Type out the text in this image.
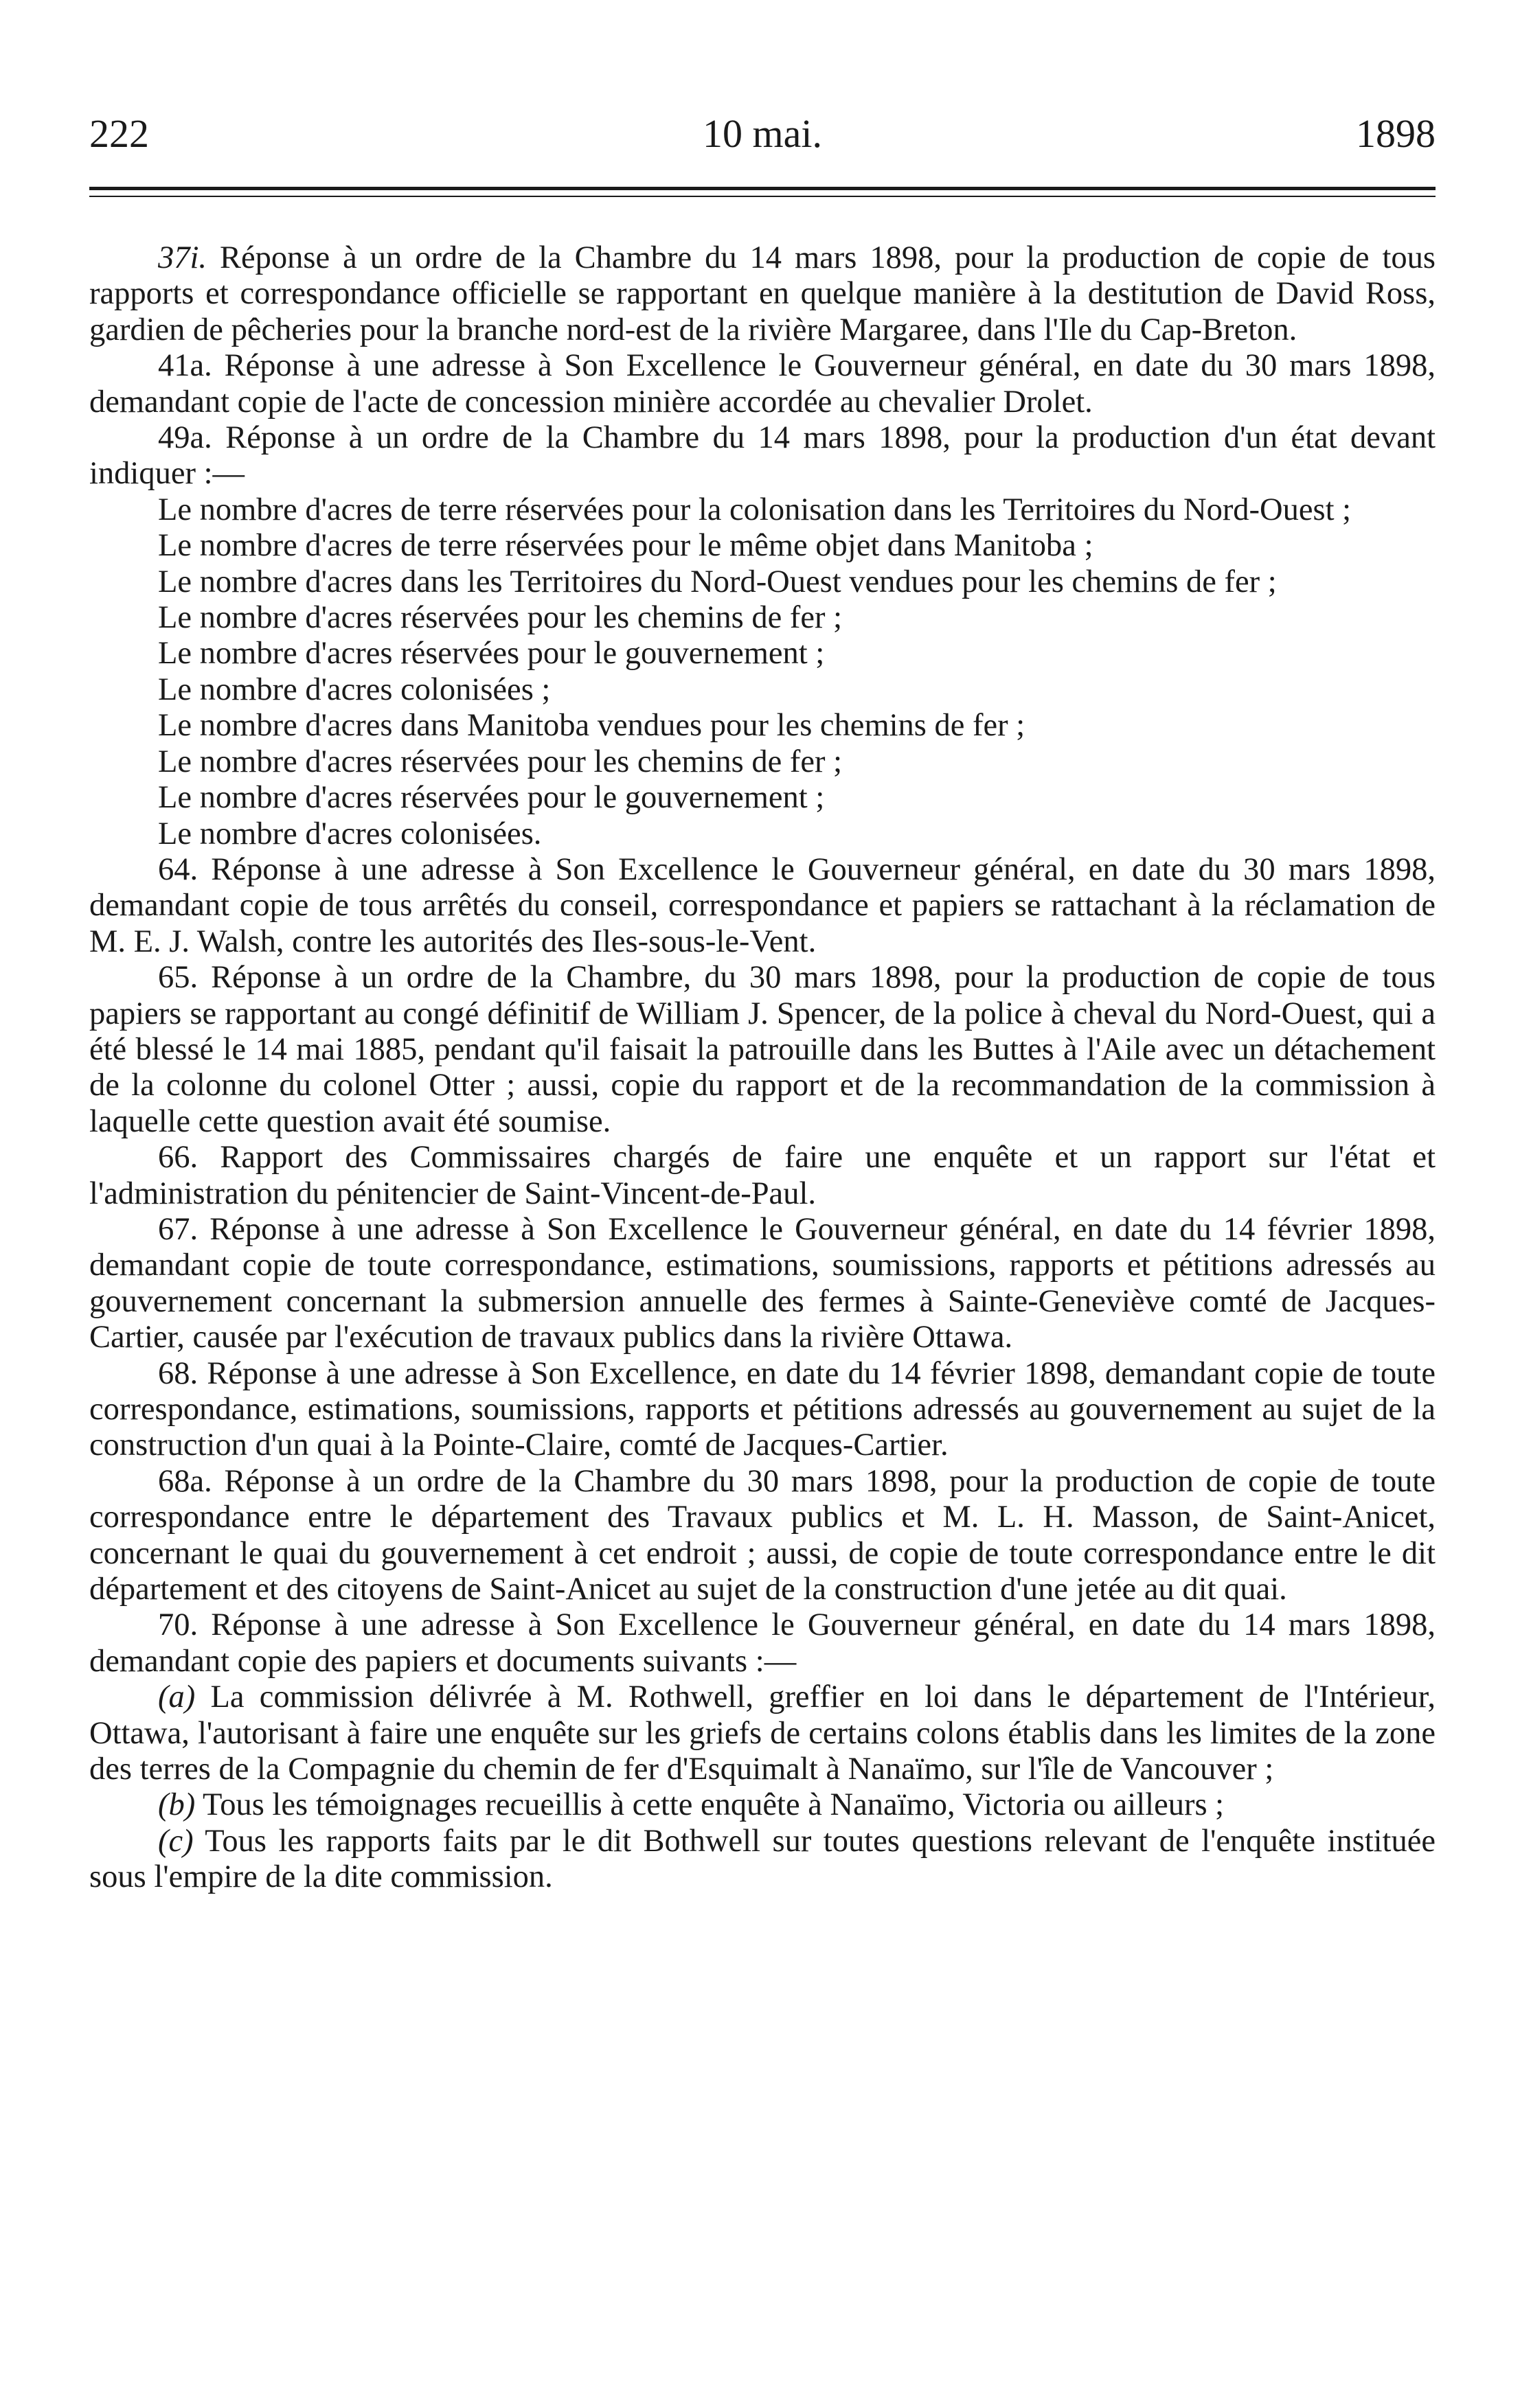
222	10 mai.	1898

37i. Réponse à un ordre de la Chambre du 14 mars 1898, pour la production de copie de tous rapports et correspondance officielle se rapportant en quelque manière à la destitution de David Ross, gardien de pêcheries pour la branche nord-est de la rivière Margaree, dans l'Ile du Cap-Breton.

41a. Réponse à une adresse à Son Excellence le Gouverneur général, en date du 30 mars 1898, demandant copie de l'acte de concession minière accordée au chevalier Drolet.

49a. Réponse à un ordre de la Chambre du 14 mars 1898, pour la production d'un état devant indiquer :—

Le nombre d'acres de terre réservées pour la colonisation dans les Territoires du Nord-Ouest ;

Le nombre d'acres de terre réservées pour le même objet dans Manitoba ;

Le nombre d'acres dans les Territoires du Nord-Ouest vendues pour les chemins de fer ;

Le nombre d'acres réservées pour les chemins de fer ;

Le nombre d'acres réservées pour le gouvernement ;

Le nombre d'acres colonisées ;

Le nombre d'acres dans Manitoba vendues pour les chemins de fer ;

Le nombre d'acres réservées pour les chemins de fer ;

Le nombre d'acres réservées pour le gouvernement ;

Le nombre d'acres colonisées.

64. Réponse à une adresse à Son Excellence le Gouverneur général, en date du 30 mars 1898, demandant copie de tous arrêtés du conseil, correspondance et papiers se rattachant à la réclamation de M. E. J. Walsh, contre les autorités des Iles-sous-le-Vent.

65. Réponse à un ordre de la Chambre, du 30 mars 1898, pour la production de copie de tous papiers se rapportant au congé définitif de William J. Spencer, de la police à cheval du Nord-Ouest, qui a été blessé le 14 mai 1885, pendant qu'il faisait la patrouille dans les Buttes à l'Aile avec un détachement de la colonne du colonel Otter ; aussi, copie du rapport et de la recommandation de la commission à laquelle cette question avait été soumise.

66. Rapport des Commissaires chargés de faire une enquête et un rapport sur l'état et l'administration du pénitencier de Saint-Vincent-de-Paul.

67. Réponse à une adresse à Son Excellence le Gouverneur général, en date du 14 février 1898, demandant copie de toute correspondance, estimations, soumissions, rapports et pétitions adressés au gouvernement concernant la submersion annuelle des fermes à Sainte-Geneviève comté de Jacques-Cartier, causée par l'exécution de travaux publics dans la rivière Ottawa.

68. Réponse à une adresse à Son Excellence, en date du 14 février 1898, demandant copie de toute correspondance, estimations, soumissions, rapports et pétitions adressés au gouvernement au sujet de la construction d'un quai à la Pointe-Claire, comté de Jacques-Cartier.

68a. Réponse à un ordre de la Chambre du 30 mars 1898, pour la production de copie de toute correspondance entre le département des Travaux publics et M. L. H. Masson, de Saint-Anicet, concernant le quai du gouvernement à cet endroit ; aussi, de copie de toute correspondance entre le dit département et des citoyens de Saint-Anicet au sujet de la construction d'une jetée au dit quai.

70. Réponse à une adresse à Son Excellence le Gouverneur général, en date du 14 mars 1898, demandant copie des papiers et documents suivants :—

(a) La commission délivrée à M. Rothwell, greffier en loi dans le département de l'Intérieur, Ottawa, l'autorisant à faire une enquête sur les griefs de certains colons établis dans les limites de la zone des terres de la Compagnie du chemin de fer d'Esquimalt à Nanaïmo, sur l'île de Vancouver ;

(b) Tous les témoignages recueillis à cette enquête à Nanaïmo, Victoria ou ailleurs ;

(c) Tous les rapports faits par le dit Bothwell sur toutes questions relevant de l'enquête instituée sous l'empire de la dite commission.
